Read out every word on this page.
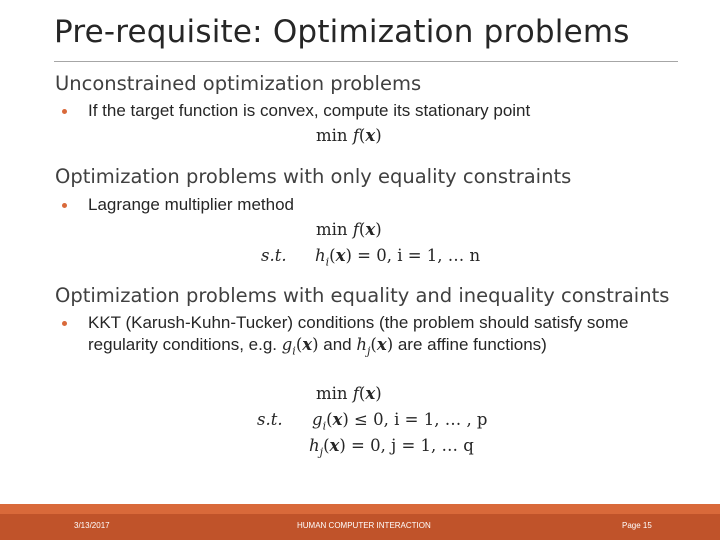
Pre-requisite: Optimization problems
Unconstrained optimization problems
If the target function is convex, compute its stationary point
min f(x)
Optimization problems with only equality constraints
Lagrange multiplier method
min f(x)
s.t. $h_i(x) = 0$, i = 1, … n
Optimization problems with equality and inequality constraints
KKT (Karush-Kuhn-Tucker) conditions (the problem should satisfy some regularity conditions, e.g. $g_i(x)$ and $h_j(x)$ are affine functions)
min f(x)
s.t. $g_i(x) \le 0$, i = 1, … , p
$h_j(x) = 0$, j = 1, … q
3/13/2017	HUMAN COMPUTER INTERACTION	Page 15
